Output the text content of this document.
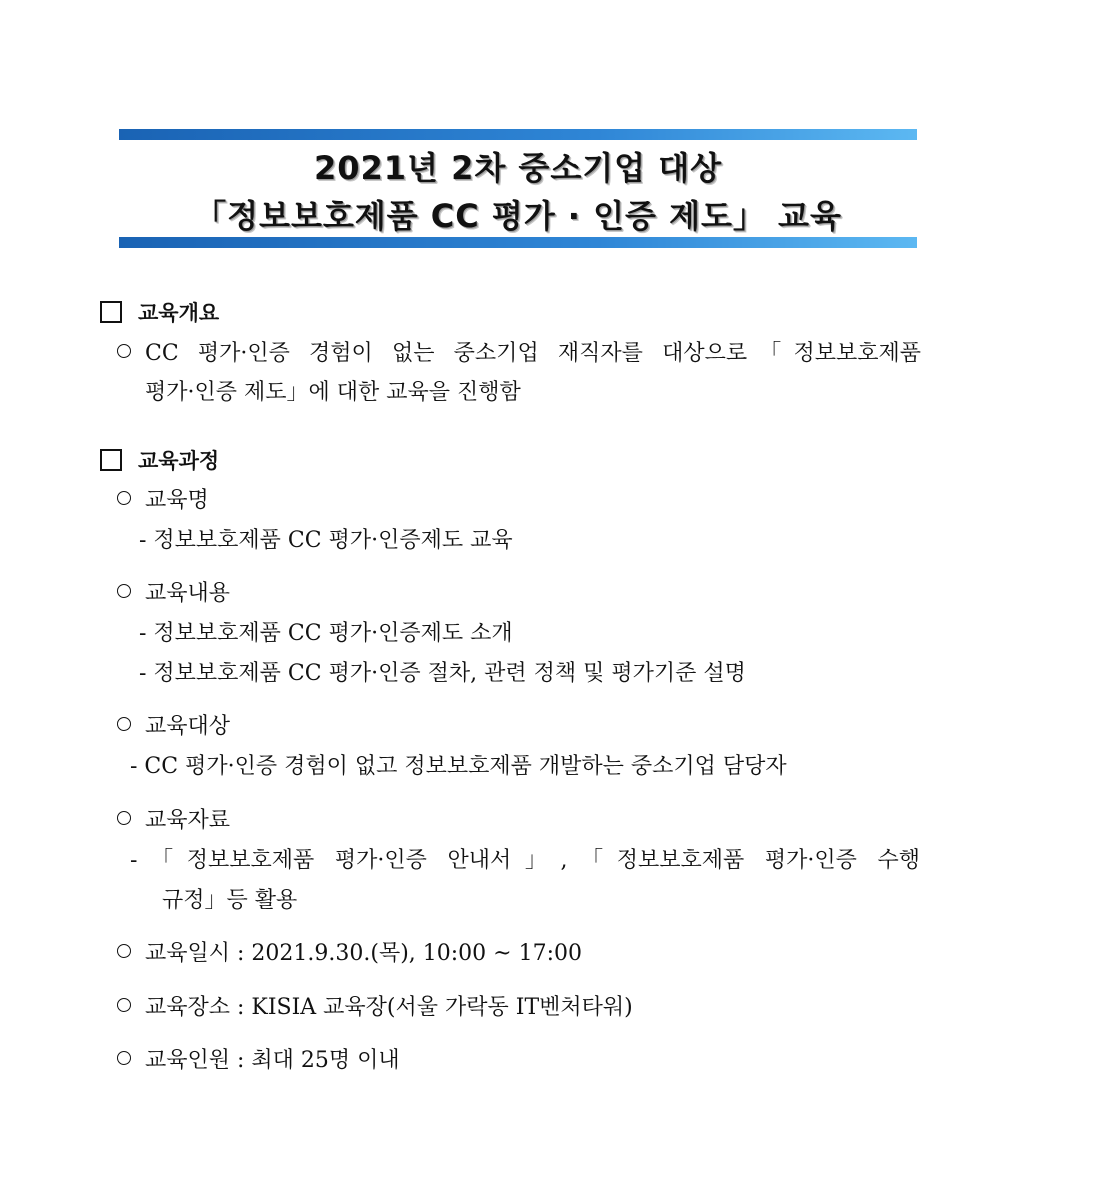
2021년 2차 중소기업 대상
「정보보호제품 CC 평가 · 인증 제도」 교육
교육개요
CC 평가·인증 경험이 없는 중소기업 재직자를 대상으로「정보보호제품
평가·인증 제도」에 대한 교육을 진행함
교육과정
교육명
- 정보보호제품 CC 평가·인증제도 교육
교육내용
- 정보보호제품 CC 평가·인증제도 소개
- 정보보호제품 CC 평가·인증 절차, 관련 정책 및 평가기준 설명
교육대상
- CC 평가·인증 경험이 없고 정보보호제품 개발하는 중소기업 담당자
교육자료
-「정보보호제품 평가·인증 안내서」,「정보보호제품 평가·인증 수행
규정」등 활용
교육일시 : 2021.9.30.(목), 10:00 ~ 17:00
교육장소 : KISIA 교육장(서울 가락동 IT벤처타워)
교육인원 : 최대 25명 이내
